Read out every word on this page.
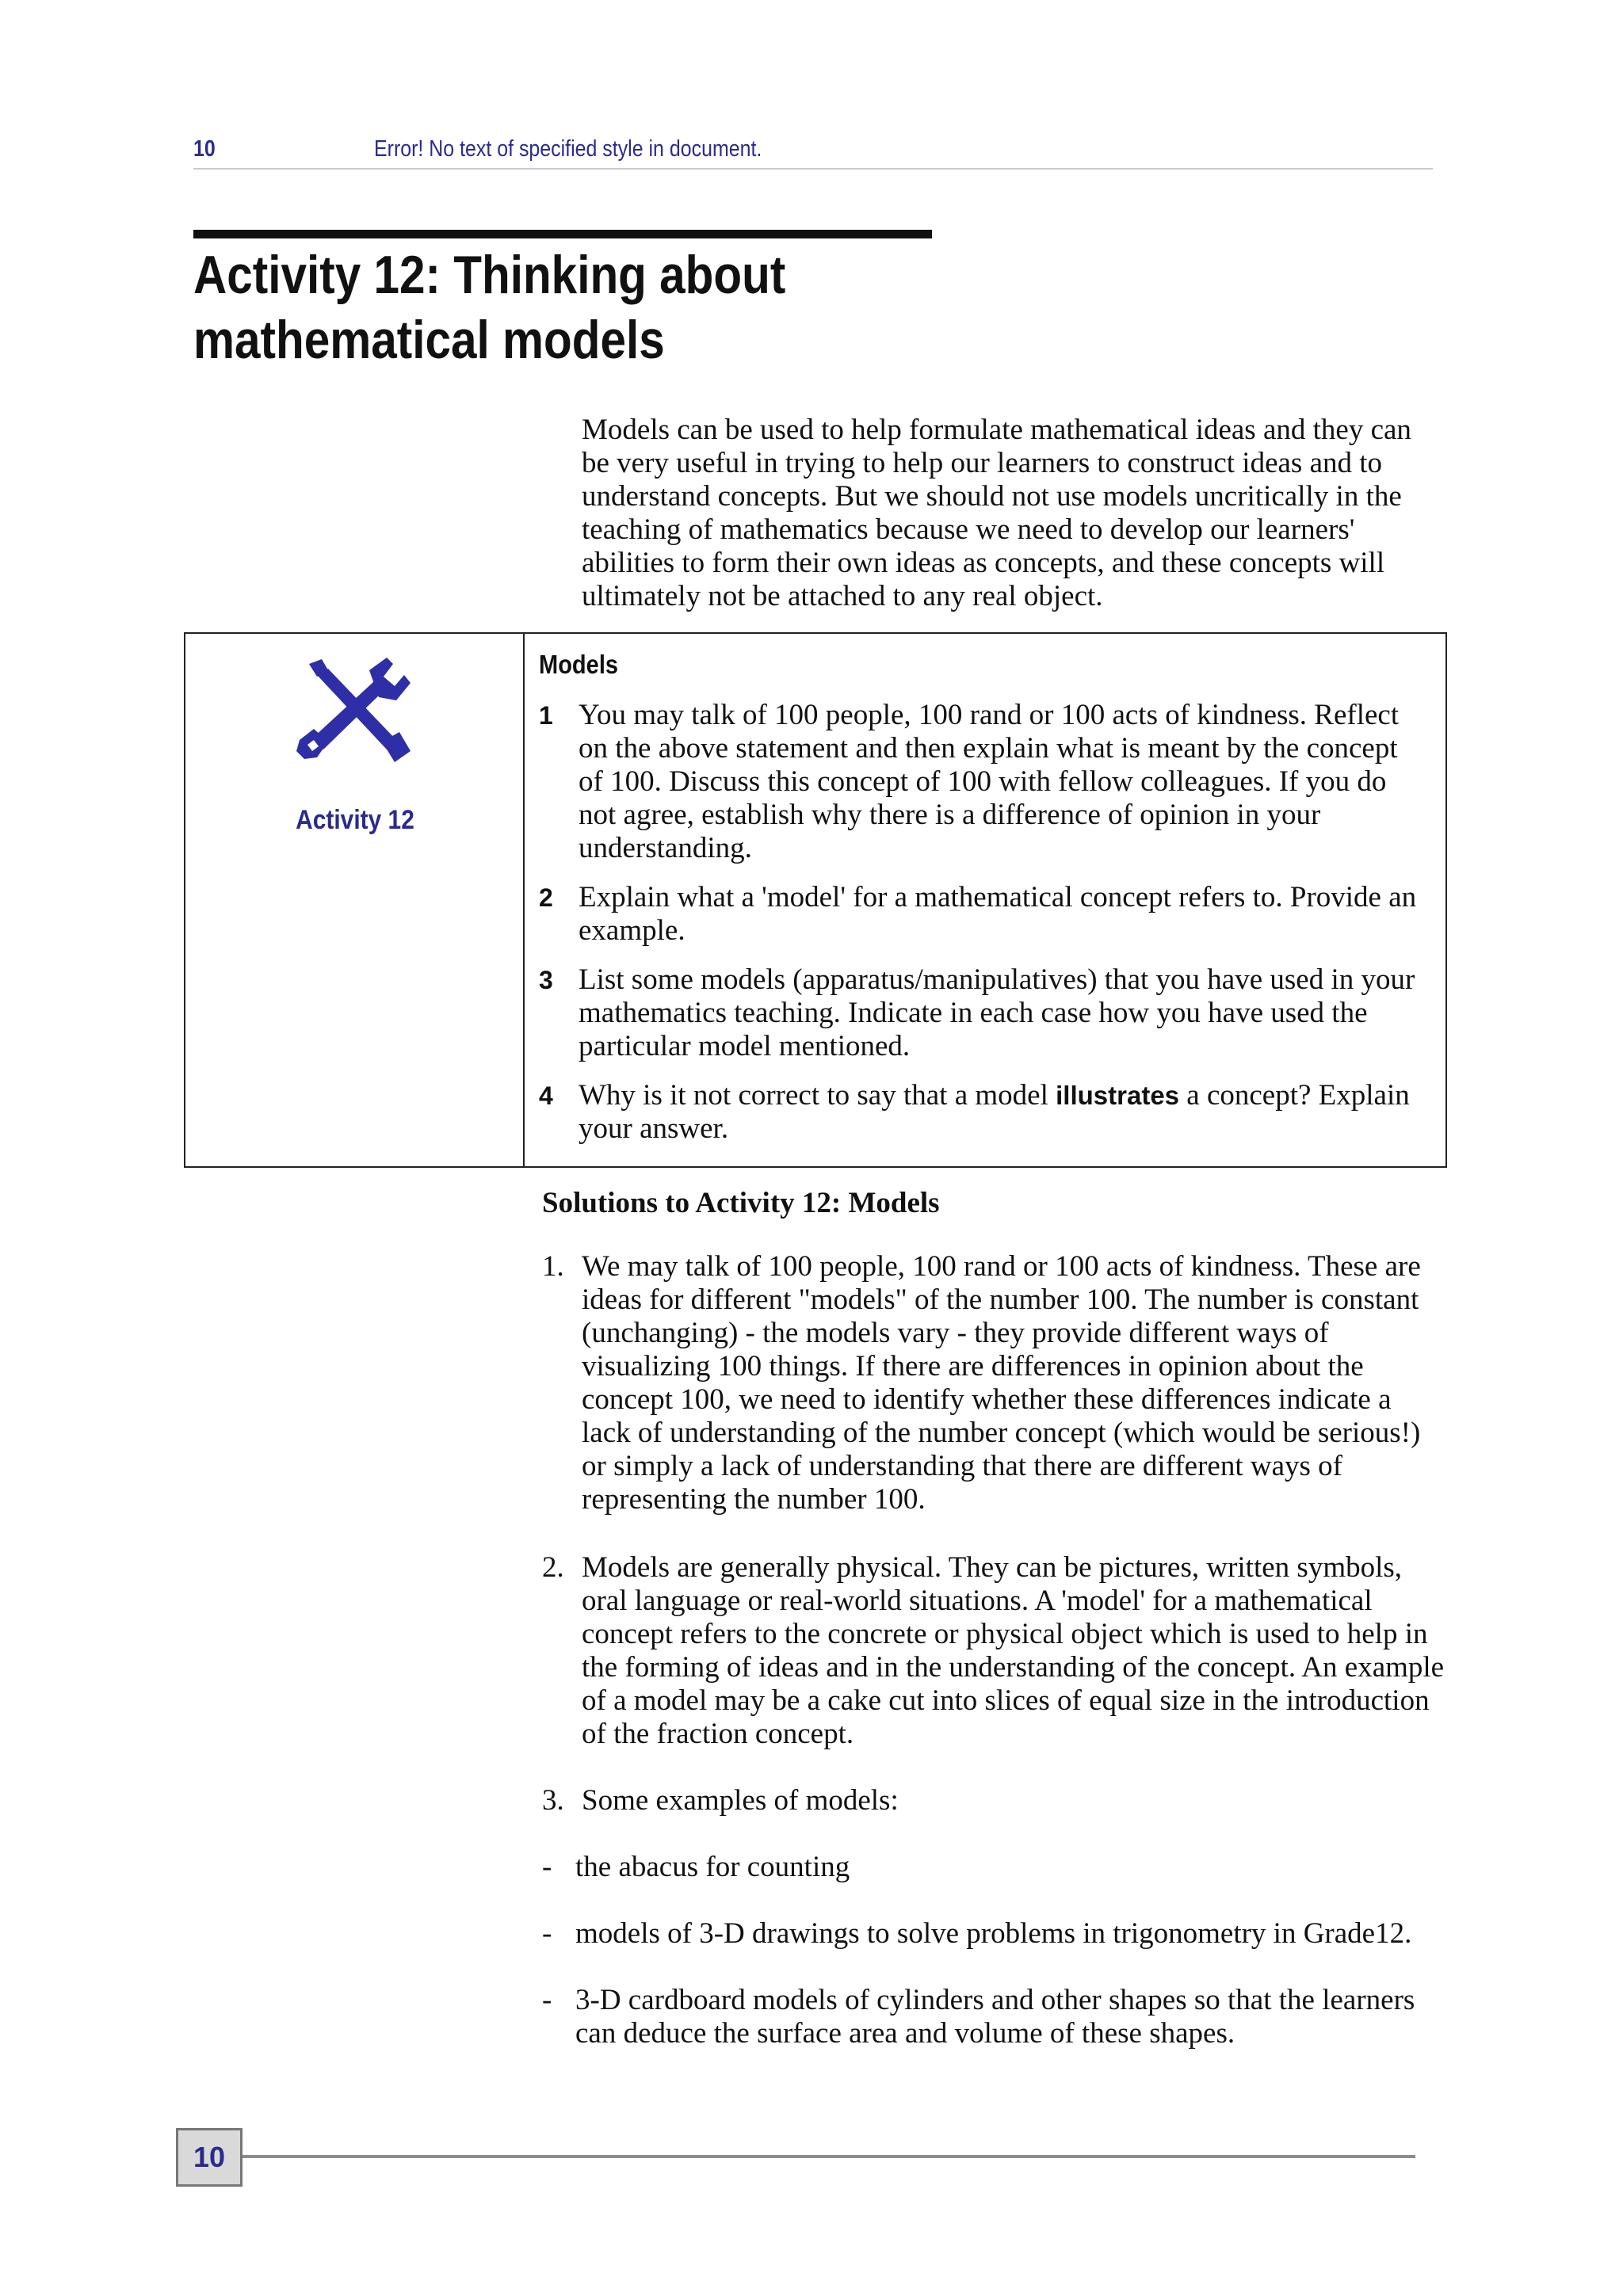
10	Error! No text of specified style in document.
Activity 12: Thinking about
mathematical models

Models can be used to help formulate mathematical ideas and they can be very useful in trying to help our learners to construct ideas and to understand concepts. But we should not use models uncritically in the teaching of mathematics because we need to develop our learners' abilities to form their own ideas as concepts, and these concepts will ultimately not be attached to any real object.

Activity 12
Models
1 You may talk of 100 people, 100 rand or 100 acts of kindness. Reflect on the above statement and then explain what is meant by the concept of 100. Discuss this concept of 100 with fellow colleagues. If you do not agree, establish why there is a difference of opinion in your understanding.
2 Explain what a 'model' for a mathematical concept refers to. Provide an example.
3 List some models (apparatus/manipulatives) that you have used in your mathematics teaching. Indicate in each case how you have used the particular model mentioned.
4 Why is it not correct to say that a model illustrates a concept? Explain your answer.

Solutions to Activity 12: Models

1. We may talk of 100 people, 100 rand or 100 acts of kindness. These are ideas for different "models" of the number 100. The number is constant (unchanging) - the models vary - they provide different ways of visualizing 100 things. If there are differences in opinion about the concept 100, we need to identify whether these differences indicate a lack of understanding of the number concept (which would be serious!) or simply a lack of understanding that there are different ways of representing the number 100.
2. Models are generally physical. They can be pictures, written symbols, oral language or real-world situations. A 'model' for a mathematical concept refers to the concrete or physical object which is used to help in the forming of ideas and in the understanding of the concept. An example of a model may be a cake cut into slices of equal size in the introduction of the fraction concept.
3. Some examples of models:
- the abacus for counting
- models of 3-D drawings to solve problems in trigonometry in Grade12.
- 3-D cardboard models of cylinders and other shapes so that the learners can deduce the surface area and volume of these shapes.
10
